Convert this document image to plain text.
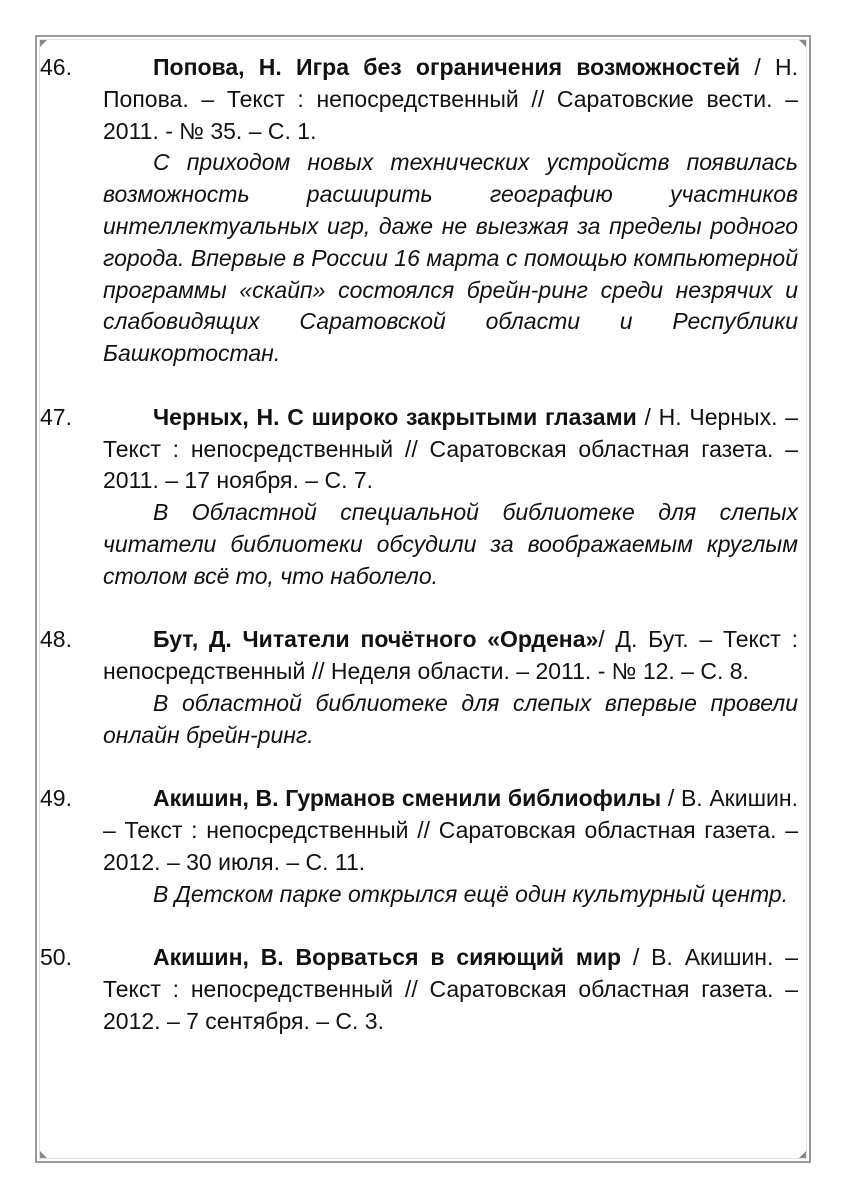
46.	Попова, Н. Игра без ограничения возможностей / Н. Попова. – Текст : непосредственный // Саратовские вести. – 2011. - № 35. – С. 1.

С приходом новых технических устройств появилась возможность расширить географию участников интеллектуальных игр, даже не выезжая за пределы родного города. Впервые в России 16 марта с помощью компьютерной программы «скайп» состоялся брейн-ринг среди незрячих и слабовидящих Саратовской области и Республики Башкортостан.

47.	Черных, Н. С широко закрытыми глазами / Н. Черных. – Текст : непосредственный // Саратовская областная газета. – 2011. – 17 ноября. – С. 7.

В Областной специальной библиотеке для слепых читатели библиотеки обсудили за воображаемым круглым столом всё то, что наболело.

48.	Бут, Д. Читатели почётного «Ордена»/ Д. Бут. – Текст : непосредственный // Неделя области. – 2011. - № 12. – С. 8.

В областной библиотеке для слепых впервые провели онлайн брейн-ринг.

49.	Акишин, В. Гурманов сменили библиофилы / В. Акишин. – Текст : непосредственный // Саратовская областная газета. – 2012. – 30 июля. – С. 11.

В Детском парке открылся ещё один культурный центр.

50.	Акишин, В. Ворваться в сияющий мир / В. Акишин. – Текст : непосредственный // Саратовская областная газета. – 2012. – 7 сентября. – С. 3.
